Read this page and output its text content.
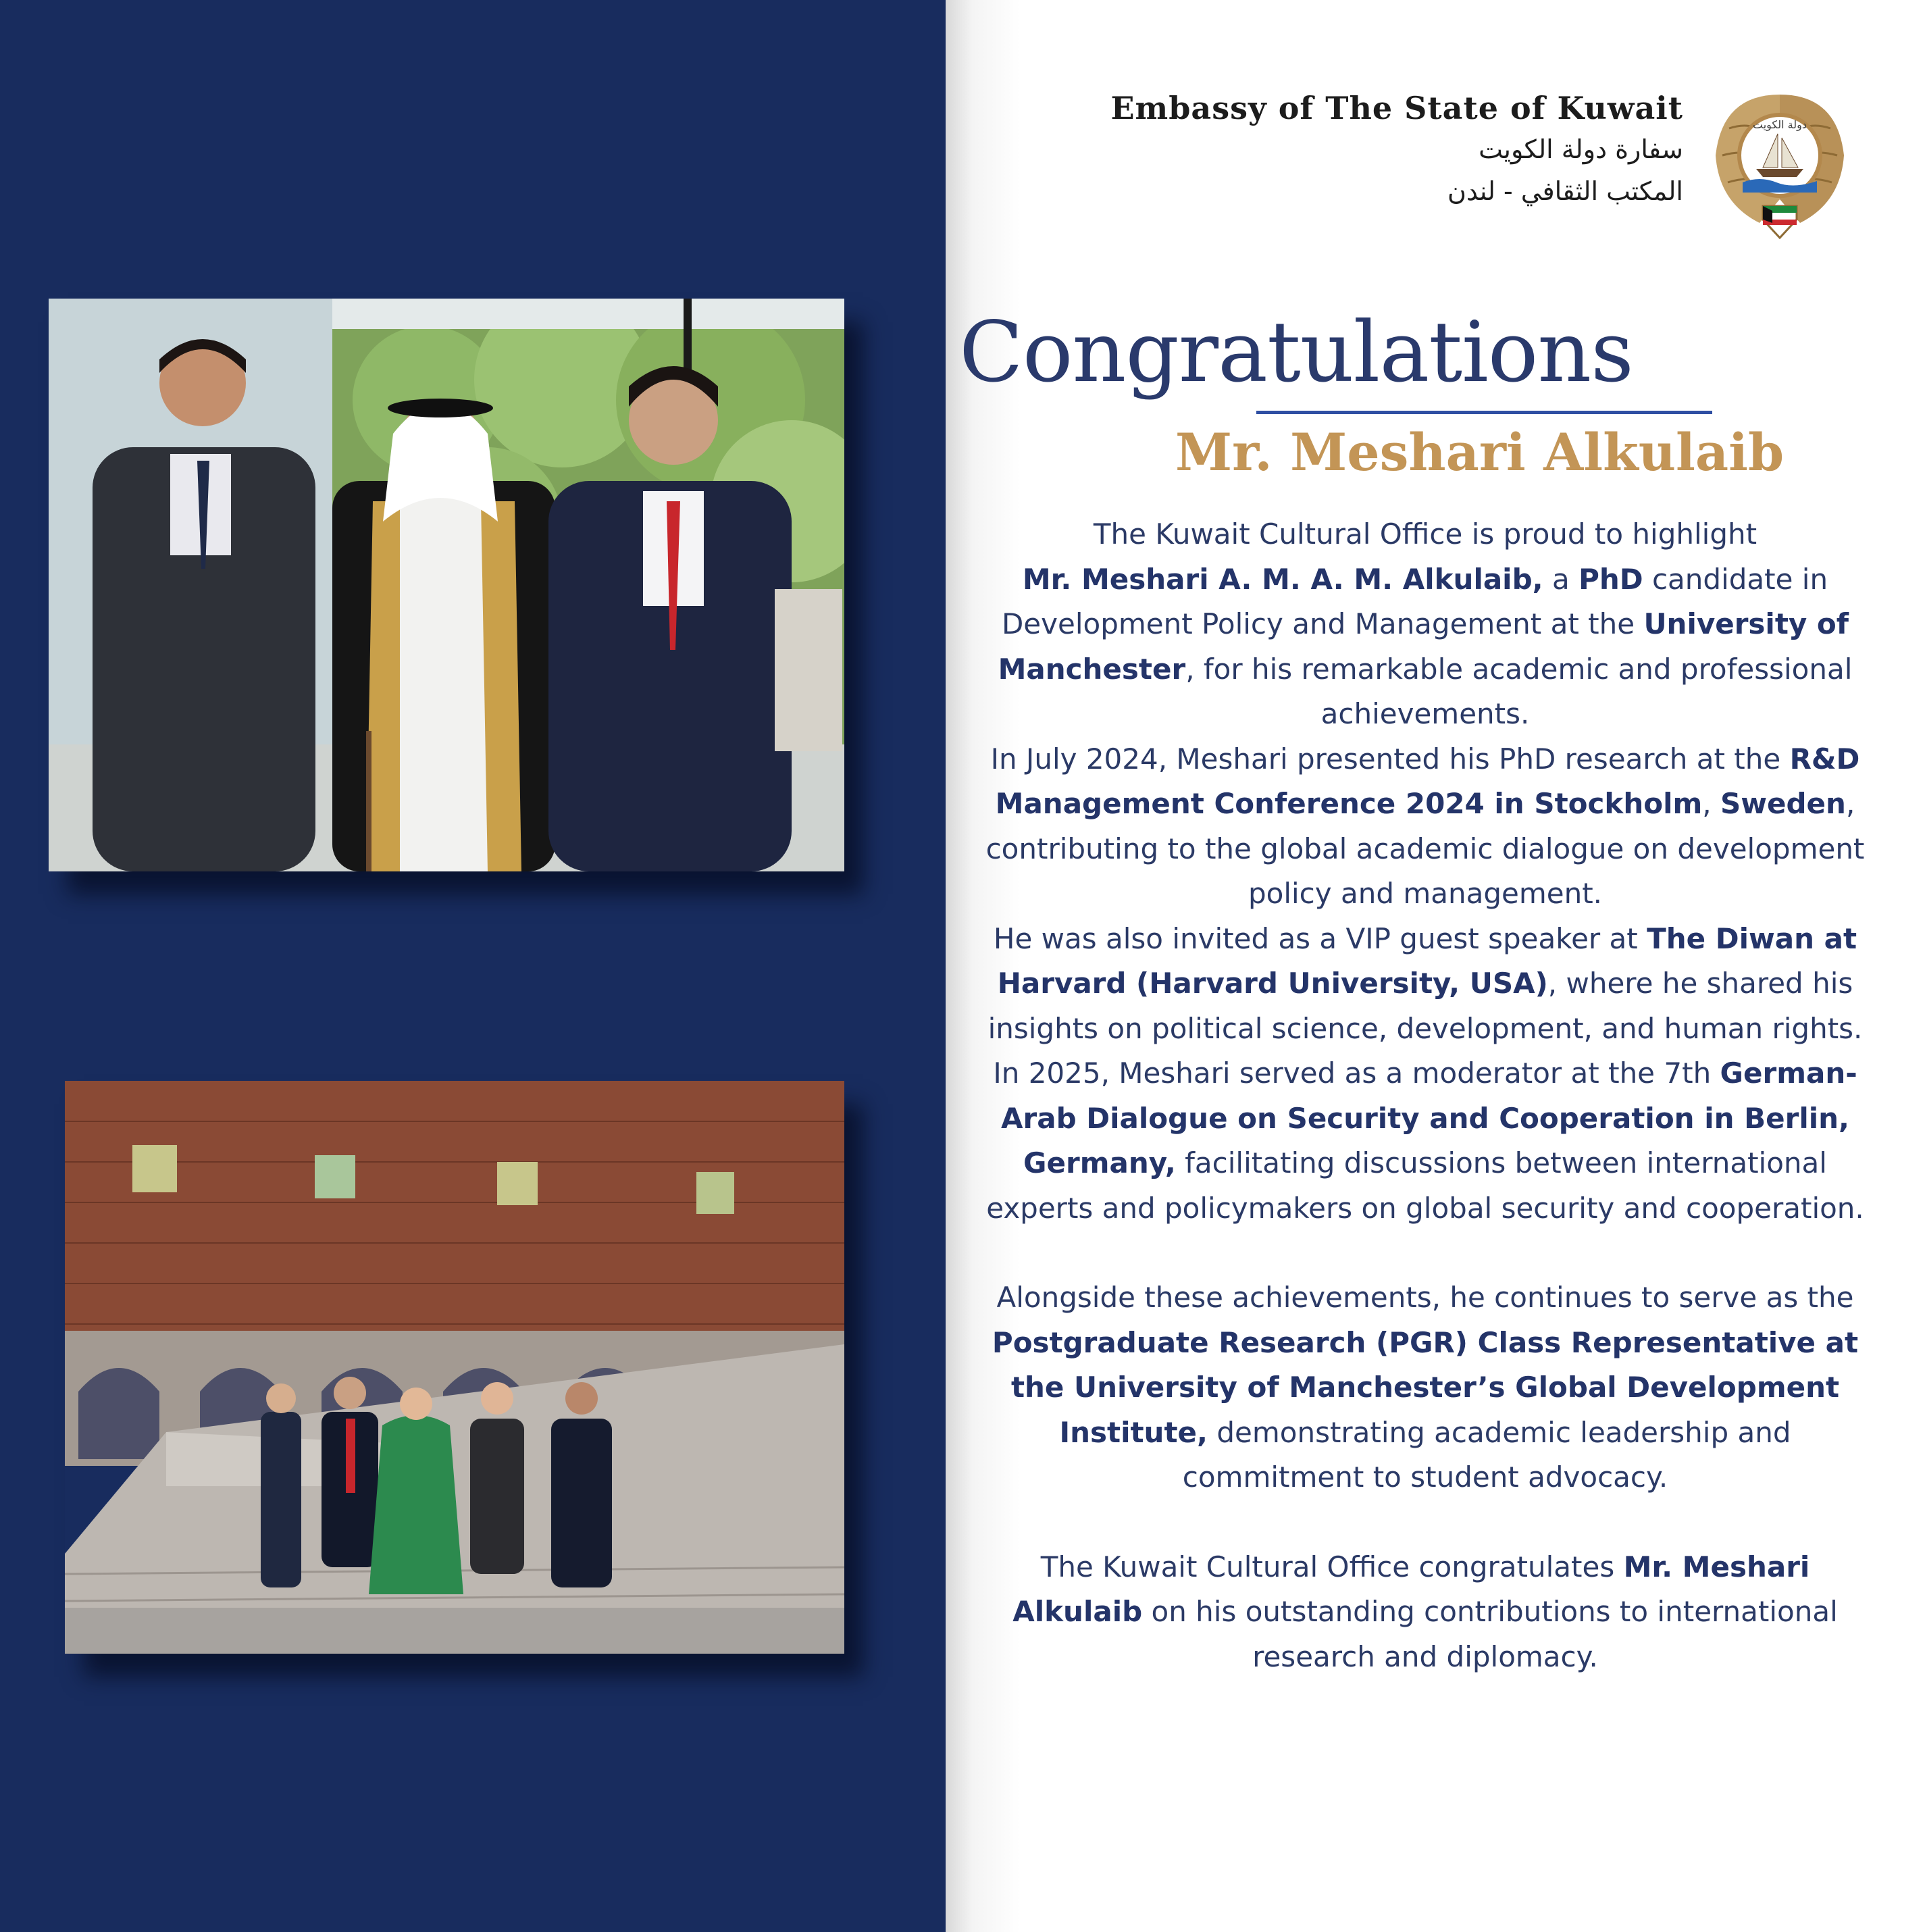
Embassy of The State of Kuwait
سفارة دولة الكويت
المكتب الثقافي - لندن
دولة الكويت
Congratulations
Mr. Meshari Alkulaib

The Kuwait Cultural Office is proud to highlight
Mr. Meshari A. M. A. M. Alkulaib, a PhD candidate in Development Policy and Management at the University of Manchester, for his remarkable academic and professional achievements.

In July 2024, Meshari presented his PhD research at the R&D Management Conference 2024 in Stockholm, Sweden, contributing to the global academic dialogue on development policy and management.

He was also invited as a VIP guest speaker at The Diwan at Harvard (Harvard University, USA), where he shared his insights on political science, development, and human rights.

In 2025, Meshari served as a moderator at the 7th German-Arab Dialogue on Security and Cooperation in Berlin, Germany, facilitating discussions between international experts and policymakers on global security and cooperation.

Alongside these achievements, he continues to serve as the Postgraduate Research (PGR) Class Representative at the University of Manchester’s Global Development Institute, demonstrating academic leadership and commitment to student advocacy.

The Kuwait Cultural Office congratulates Mr. Meshari Alkulaib on his outstanding contributions to international research and diplomacy.
